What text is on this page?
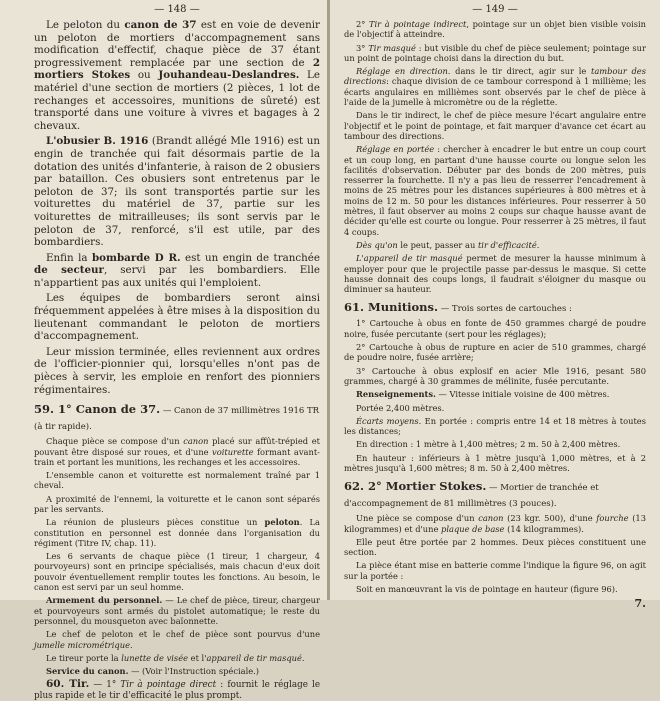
— 148 —

Le peloton du canon de 37 est en voie de devenir un peloton de mortiers d'accompagnement sans modification d'effectif, chaque pièce de 37 étant progressivement remplacée par une section de 2 mortiers Stokes ou Jouhandeau-Deslandres. Le matériel d'une section de mortiers (2 pièces, 1 lot de rechanges et accessoires, munitions de sûreté) est transporté dans une voiture à vivres et bagages à 2 chevaux.

L'obusier B. 1916 (Brandt allégé Mle 1916) est un engin de tranchée qui fait désormais partie de la dotation des unités d'infanterie, à raison de 2 obusiers par bataillon. Ces obusiers sont entretenus par le peloton de 37; ils sont transportés partie sur les voiturettes du matériel de 37, partie sur les voiturettes de mitrailleuses; ils sont servis par le peloton de 37, renforcé, s'il est utile, par des bombardiers.

Enfin la bombarde D R. est un engin de tranchée de secteur, servi par les bombardiers. Elle n'appartient pas aux unités qui l'emploient.

Les équipes de bombardiers seront ainsi fréquemment appelées à être mises à la disposition du lieutenant commandant le peloton de mortiers d'accompagnement.

Leur mission terminée, elles reviennent aux ordres de l'officier-pionnier qui, lorsqu'elles n'ont pas de pièces à servir, les emploie en renfort des pionniers régimentaires.

59. 1° Canon de 37. — Canon de 37 millimètres 1916 TR (à tir rapide).

Chaque pièce se compose d'un canon placé sur affût-trépied et pouvant être disposé sur roues, et d'une voiturette formant avant-train et portant les munitions, les rechanges et les accessoires.

L'ensemble canon et voiturette est normalement traîné par 1 cheval.

A proximité de l'ennemi, la voiturette et le canon sont séparés par les servants.

La réunion de plusieurs pièces constitue un peloton. La constitution en personnel est donnée dans l'organisation du régiment (Titre IV, chap. 11).

Les 6 servants de chaque pièce (1 tireur, 1 chargeur, 4 pourvoyeurs) sont en principe spécialisés, mais chacun d'eux doit pouvoir éventuellement remplir toutes les fonctions. Au besoin, le canon est servi par un seul homme.

Armement du personnel. — Le chef de pièce, tireur, chargeur et pourvoyeurs sont armés du pistolet automatique; le reste du personnel, du mousqueton avec baïonnette.

Le chef de peloton et le chef de pièce sont pourvus d'une jumelle micrométrique.

Le tireur porte la lunette de visée et l'appareil de tir masqué.

Service du canon. — (Voir l'Instruction spéciale.)

60. Tir. — 1° Tir à pointage direct : fournit le réglage le plus rapide et le tir d'efficacité le plus prompt.

— 149 —

2° Tir à pointage indirect, pointage sur un objet bien visible voisin de l'objectif à atteindre.

3° Tir masqué : but visible du chef de pièce seulement; pointage sur un point de pointage choisi dans la direction du but.

Réglage en direction. dans le tir direct, agir sur le tambour des directions: chaque division de ce tambour correspond à 1 millième; les écarts angulaires en millièmes sont observés par le chef de pièce à l'aide de la jumelle à micromètre ou de la réglette.

Dans le tir indirect, le chef de pièce mesure l'écart angulaire entre l'objectif et le point de pointage, et fait marquer d'avance cet écart au tambour des directions.

Réglage en portée : chercher à encadrer le but entre un coup court et un coup long, en partant d'une hausse courte ou longue selon les facilités d'observation. Débuter par des bonds de 200 mètres, puis resserrer la fourchette. Il n'y a pas lieu de resserrer l'encadrement à moins de 25 mètres pour les distances supérieures à 800 mètres et à moins de 12 m. 50 pour les distances inférieures. Pour resserrer à 50 mètres, il faut observer au moins 2 coups sur chaque hausse avant de décider qu'elle est courte ou longue. Pour resserrer à 25 mètres, il faut 4 coups.

Dès qu'on le peut, passer au tir d'efficacité.

L'appareil de tir masqué permet de mesurer la hausse minimum à employer pour que le projectile passe par-dessus le masque. Si cette hausse donnait des coups longs, il faudrait s'éloigner du masque ou diminuer sa hauteur.

61. Munitions. — Trois sortes de cartouches :

1° Cartouche à obus en fonte de 450 grammes chargé de poudre noire, fusée percutante (sert pour les réglages);

2° Cartouche à obus de rupture en acier de 510 grammes, chargé de poudre noire, fusée arrière;

3° Cartouche à obus explosif en acier Mle 1916, pesant 580 grammes, chargé à 30 grammes de mélinite, fusée percutante.

Renseignements. — Vitesse initiale voisine de 400 mètres.

Portée 2,400 mètres.

Écarts moyens. En portée : compris entre 14 et 18 mètres à toutes les distances;

En direction : 1 mètre à 1,400 mètres; 2 m. 50 à 2,400 mètres.

En hauteur : inférieurs à 1 mètre jusqu'à 1,000 mètres, et à 2 mètres jusqu'à 1,600 mètres; 8 m. 50 à 2,400 mètres.

62. 2° Mortier Stokes. — Mortier de tranchée et d'accompagnement de 81 millimètres (3 pouces).

Une pièce se compose d'un canon (23 kgr. 500), d'une fourche (13 kilogrammes) et d'une plaque de base (14 kilogrammes).

Elle peut être portée par 2 hommes. Deux pièces constituent une section.

La pièce étant mise en batterie comme l'indique la figure 96, on agit sur la portée :

Soit en manœuvrant la vis de pointage en hauteur (figure 96).

7.
